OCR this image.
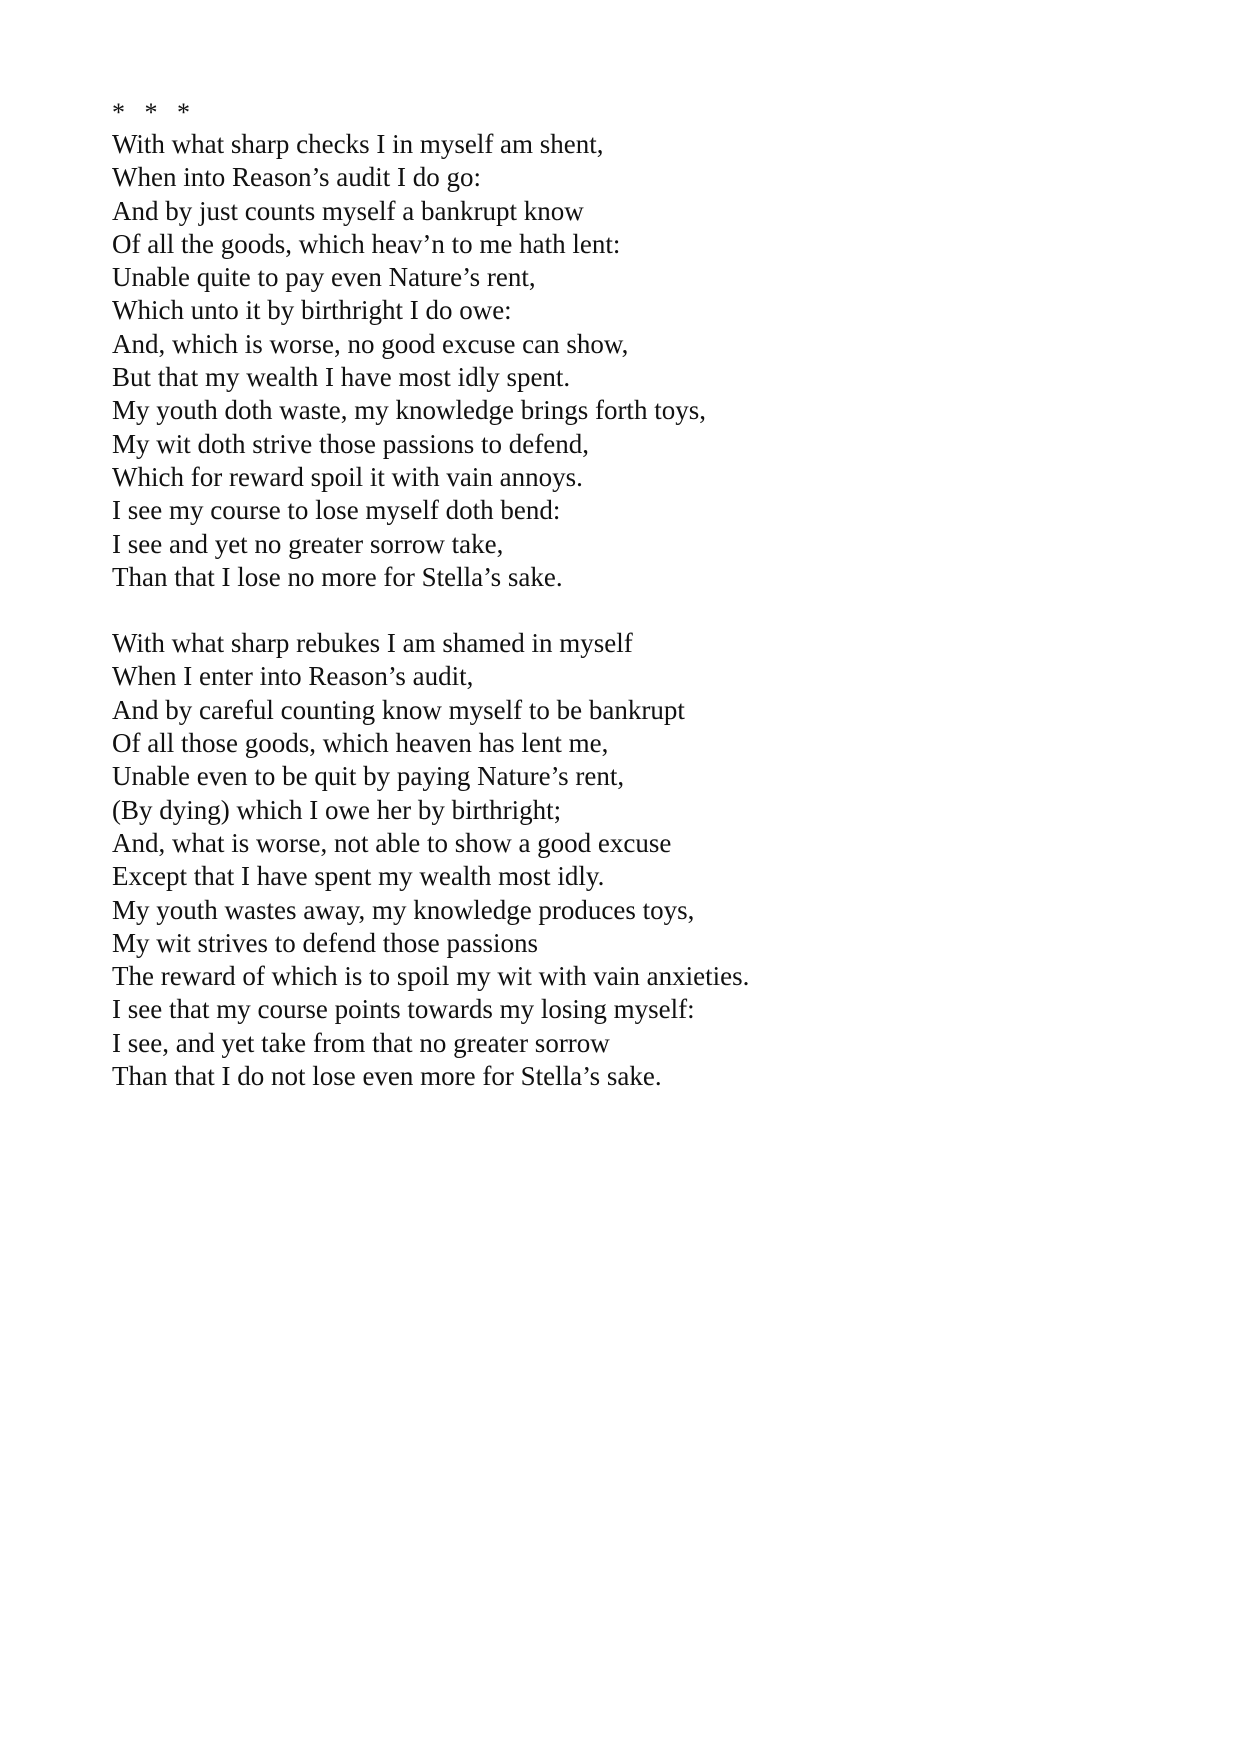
*   *   *
With what sharp checks I in myself am shent,
When into Reason’s audit I do go:
And by just counts myself a bankrupt know
Of all the goods, which heav’n to me hath lent:
Unable quite to pay even Nature’s rent,
Which unto it by birthright I do owe:
And, which is worse, no good excuse can show,
But that my wealth I have most idly spent.
My youth doth waste, my knowledge brings forth toys,
My wit doth strive those passions to defend,
Which for reward spoil it with vain annoys.
I see my course to lose myself doth bend:
I see and yet no greater sorrow take,
Than that I lose no more for Stella’s sake.
With what sharp rebukes I am shamed in myself
When I enter into Reason’s audit,
And by careful counting know myself to be bankrupt
Of all those goods, which heaven has lent me,
Unable even to be quit by paying Nature’s rent,
(By dying) which I owe her by birthright;
And, what is worse, not able to show a good excuse
Except that I have spent my wealth most idly.
My youth wastes away, my knowledge produces toys,
My wit strives to defend those passions
The reward of which is to spoil my wit with vain anxieties.
I see that my course points towards my losing myself:
I see, and yet take from that no greater sorrow
Than that I do not lose even more for Stella’s sake.
